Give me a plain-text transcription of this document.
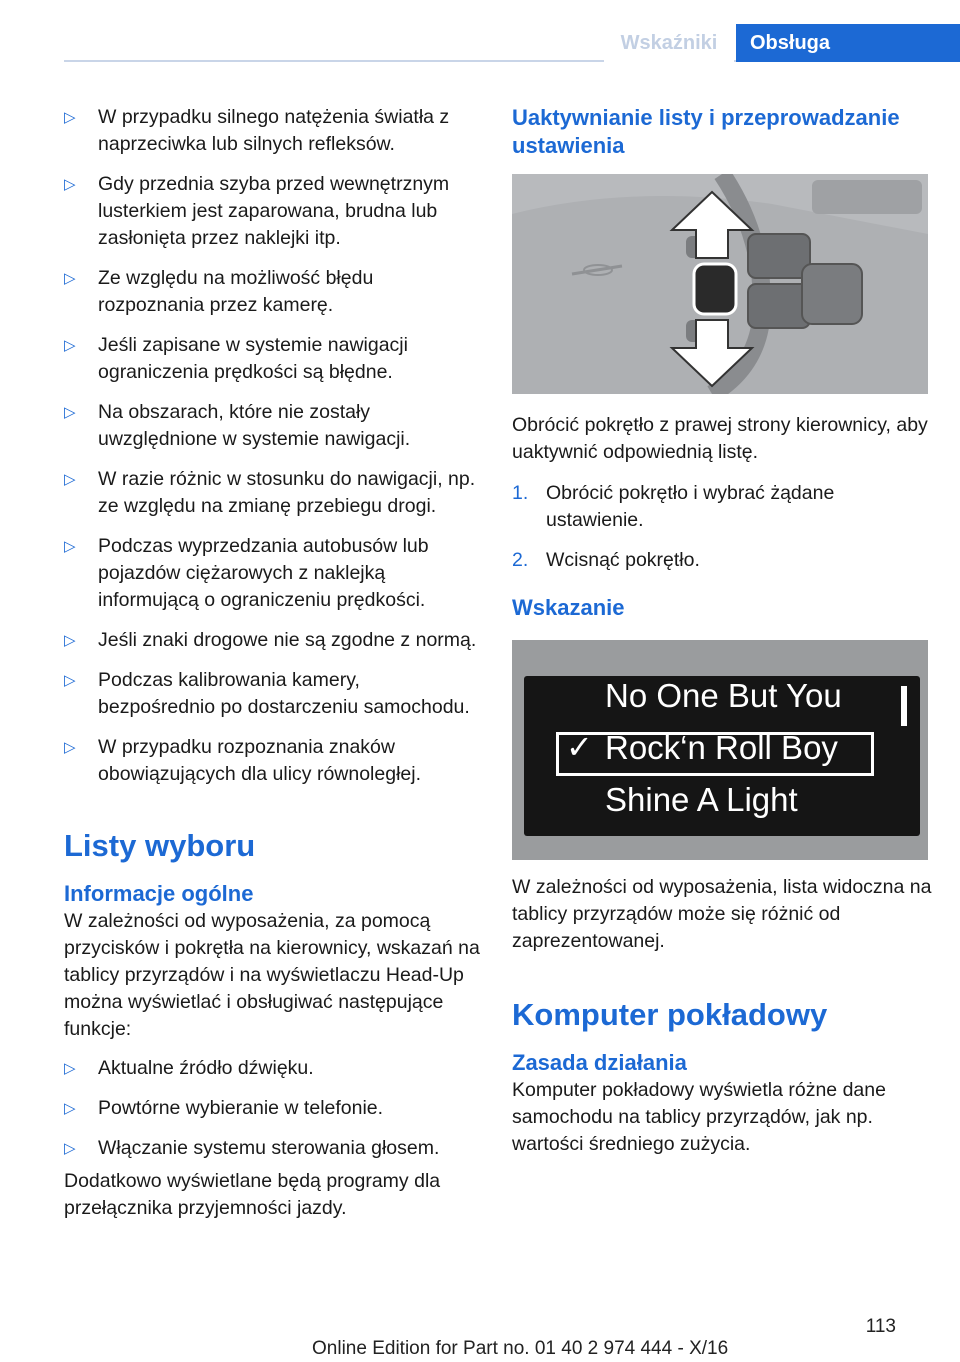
Wskaźniki	Obsługa
▷ W przypadku silnego natężenia światła z naprzeciwka lub silnych refleksów.
▷ Gdy przednia szyba przed wewnętrznym lusterkiem jest zaparowana, brudna lub zasłonięta przez naklejki itp.
▷ Ze względu na możliwość błędu rozpoznania przez kamerę.
▷ Jeśli zapisane w systemie nawigacji ograniczenia prędkości są błędne.
▷ Na obszarach, które nie zostały uwzględnione w systemie nawigacji.
▷ W razie różnic w stosunku do nawigacji, np. ze względu na zmianę przebiegu drogi.
▷ Podczas wyprzedzania autobusów lub pojazdów ciężarowych z naklejką informującą o ograniczeniu prędkości.
▷ Jeśli znaki drogowe nie są zgodne z normą.
▷ Podczas kalibrowania kamery, bezpośrednio po dostarczeniu samochodu.
▷ W przypadku rozpoznania znaków obowiązujących dla ulicy równoległej.
Listy wyboru
Informacje ogólne

W zależności od wyposażenia, za pomocą przycisków i pokrętła na kierownicy, wskazań na tablicy przyrządów i na wyświetlaczu Head-Up można wyświetlać i obsługiwać następujące funkcje:

▷ Aktualne źródło dźwięku.
▷ Powtórne wybieranie w telefonie.
▷ Włączanie systemu sterowania głosem.

Dodatkowo wyświetlane będą programy dla przełącznika przyjemności jazdy.

Uaktywnianie listy i przeprowadzanie ustawienia

Obrócić pokrętło z prawej strony kierownicy, aby uaktywnić odpowiednią listę.

1. Obrócić pokrętło i wybrać żądane ustawienie.
2. Wcisnąć pokrętło.
Wskazanie
No One But You
✓ Rock‘n Roll Boy
Shine A Light

W zależności od wyposażenia, lista widoczna na tablicy przyrządów może się różnić od zaprezentowanej.

Komputer pokładowy
Zasada działania

Komputer pokładowy wyświetla różne dane samochodu na tablicy przyrządów, jak np. wartości średniego zużycia.

113
Online Edition for Part no. 01 40 2 974 444 - X/16
